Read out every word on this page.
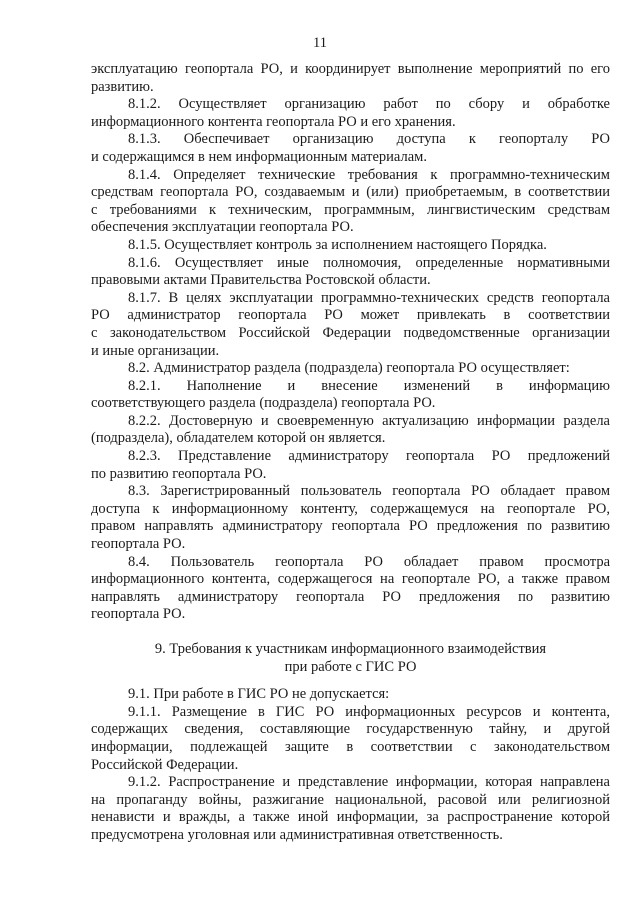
11
эксплуатацию геопортала РО, и координирует выполнение мероприятий по его
развитию.
8.1.2. Осуществляет организацию работ по сбору и обработке
информационного контента геопортала РО и его хранения.
8.1.3. Обеспечивает организацию доступа к геопорталу РО
и содержащимся в нем информационным материалам.
8.1.4. Определяет технические требования к программно-техническим
средствам геопортала РО, создаваемым и (или) приобретаемым, в соответствии
с требованиями к техническим, программным, лингвистическим средствам
обеспечения эксплуатации геопортала РО.
8.1.5. Осуществляет контроль за исполнением настоящего Порядка.
8.1.6. Осуществляет иные полномочия, определенные нормативными
правовыми актами Правительства Ростовской области.
8.1.7. В целях эксплуатации программно-технических средств геопортала
РО администратор геопортала РО может привлекать в соответствии
с законодательством Российской Федерации подведомственные организации
и иные организации.
8.2. Администратор раздела (подраздела) геопортала РО осуществляет:
8.2.1. Наполнение и внесение изменений в информацию
соответствующего раздела (подраздела) геопортала РО.
8.2.2. Достоверную и своевременную актуализацию информации раздела
(подраздела), обладателем которой он является.
8.2.3. Представление администратору геопортала РО предложений
по развитию геопортала РО.
8.3. Зарегистрированный пользователь геопортала РО обладает правом
доступа к информационному контенту, содержащемуся на геопортале РО,
правом направлять администратору геопортала РО предложения по развитию
геопортала РО.
8.4. Пользователь геопортала РО обладает правом просмотра
информационного контента, содержащегося на геопортале РО, а также правом
направлять администратору геопортала РО предложения по развитию
геопортала РО.
9. Требования к участникам информационного взаимодействия
при работе с ГИС РО
9.1. При работе в ГИС РО не допускается:
9.1.1. Размещение в ГИС РО информационных ресурсов и контента,
содержащих сведения, составляющие государственную тайну, и другой
информации, подлежащей защите в соответствии с законодательством
Российской Федерации.
9.1.2. Распространение и представление информации, которая направлена
на пропаганду войны, разжигание национальной, расовой или религиозной
ненависти и вражды, а также иной информации, за распространение которой
предусмотрена уголовная или административная ответственность.
